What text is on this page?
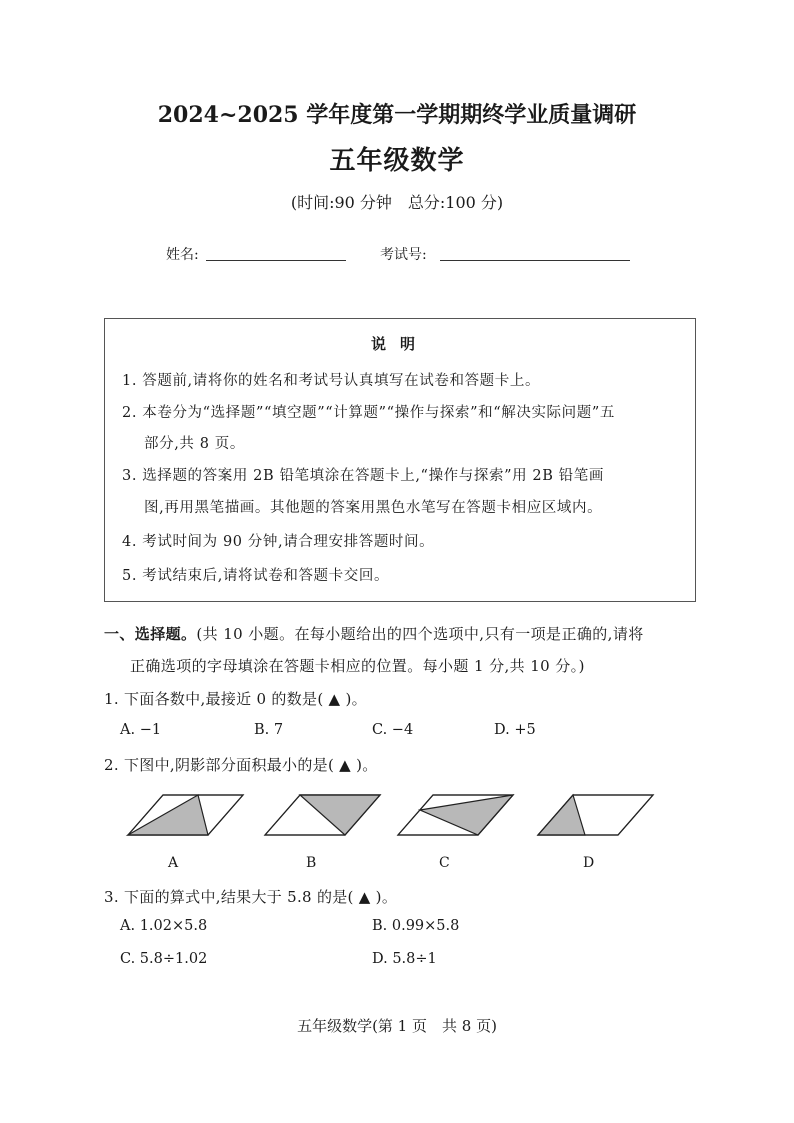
2024~2025 学年度第一学期期终学业质量调研
五年级数学
(时间:90 分钟　总分:100 分)
姓名:	考试号:
说明
1. 答题前,请将你的姓名和考试号认真填写在试卷和答题卡上。
2. 本卷分为“选择题”“填空题”“计算题”“操作与探索”和“解决实际问题”五
部分,共 8 页。
3. 选择题的答案用 2B 铅笔填涂在答题卡上,“操作与探索”用 2B 铅笔画
图,再用黑笔描画。其他题的答案用黑色水笔写在答题卡相应区域内。
4. 考试时间为 90 分钟,请合理安排答题时间。
5. 考试结束后,请将试卷和答题卡交回。
一、选择题。(共 10 小题。在每小题给出的四个选项中,只有一项是正确的,请将
正确选项的字母填涂在答题卡相应的位置。每小题 1 分,共 10 分。)
1. 下面各数中,最接近 0 的数是( ▲ )。
A. −1	B. 7	C. −4	D. +5
2. 下图中,阴影部分面积最小的是( ▲ )。
A	B	C	D
3. 下面的算式中,结果大于 5.8 的是( ▲ )。
A. 1.02×5.8	B. 0.99×5.8
C. 5.8÷1.02	D. 5.8÷1
五年级数学(第 1 页　共 8 页)
